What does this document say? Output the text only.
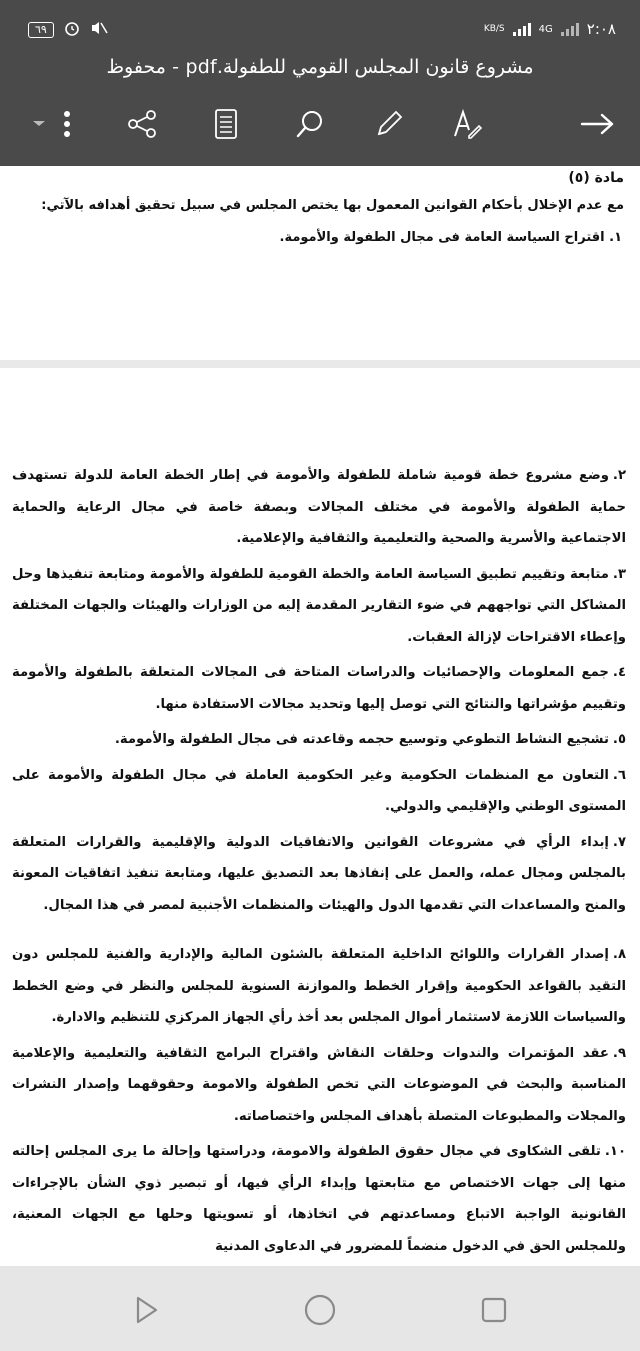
٦٩	KB/S	4G ٢:٠٨
مشروع قانون المجلس القومي للطفولة.pdf - محفوظ
مادة (٥)
مع عدم الإخلال بأحكام القوانين المعمول بها يختص المجلس في سبيل تحقيق أهدافه بالآتي:
١. اقتراح السياسة العامة فى مجال الطفولة والأمومة.
٢.وضع مشروع خطة قومية شاملة للطفولة والأمومة في إطار الخطة العامة للدولة تستهدف حماية الطفولة والأمومة في مختلف المجالات وبصفة خاصة في مجال الرعاية والحماية الاجتماعية والأسرية والصحية والتعليمية والثقافية والإعلامية.
٣.متابعة وتقييم تطبيق السياسة العامة والخطة القومية للطفولة والأمومة ومتابعة تنفيذها وحل المشاكل التي تواجههم في ضوء التقارير المقدمة إليه من الوزارات والهيئات والجهات المختلفة وإعطاء الاقتراحات لإزالة العقبات.
٤.جمع المعلومات والإحصائيات والدراسات المتاحة فى المجالات المتعلقة بالطفولة والأمومة وتقييم مؤشراتها والنتائج التي توصل إليها وتحديد مجالات الاستفادة منها.
٥.تشجيع النشاط التطوعي وتوسيع حجمه وقاعدته فى مجال الطفولة والأمومة.
٦.التعاون مع المنظمات الحكومية وغير الحكومية العاملة في مجال الطفولة والأمومة على المستوى الوطني والإقليمي والدولي.
٧.إبداء الرأي في مشروعات القوانين والاتفاقيات الدولية والإقليمية والقرارات المتعلقة بالمجلس ومجال عمله، والعمل على إنفاذها بعد التصديق عليها، ومتابعة تنفيذ اتفاقيات المعونة والمنح والمساعدات التي تقدمها الدول والهيئات والمنظمات الأجنبية لمصر في هذا المجال.
٨.إصدار القرارات واللوائح الداخلية المتعلقة بالشئون المالية والإدارية والفنية للمجلس دون التقيد بالقواعد الحكومية وإقرار الخطط والموازنة السنوية للمجلس والنظر في وضع الخطط والسياسات اللازمة لاستثمار أموال المجلس بعد أخذ رأي الجهاز المركزي للتنظيم والادارة.
٩.عقد المؤتمرات والندوات وحلقات النقاش واقتراح البرامج الثقافية والتعليمية والإعلامية المناسبة والبحث في الموضوعات التي تخص الطفولة والامومة وحقوقهما وإصدار النشرات والمجلات والمطبوعات المتصلة بأهداف المجلس واختصاصاته.
١٠.تلقى الشكاوى في مجال حقوق الطفولة والامومة، ودراستها وإحالة ما يرى المجلس إحالته منها إلى جهات الاختصاص مع متابعتها وإبداء الرأي فيها، أو تبصير ذوي الشأن بالإجراءات القانونية الواجبة الاتباع ومساعدتهم في اتخاذها، أو تسويتها وحلها مع الجهات المعنية، وللمجلس الحق في الدخول منضماً للمضرور في الدعاوى المدنية
